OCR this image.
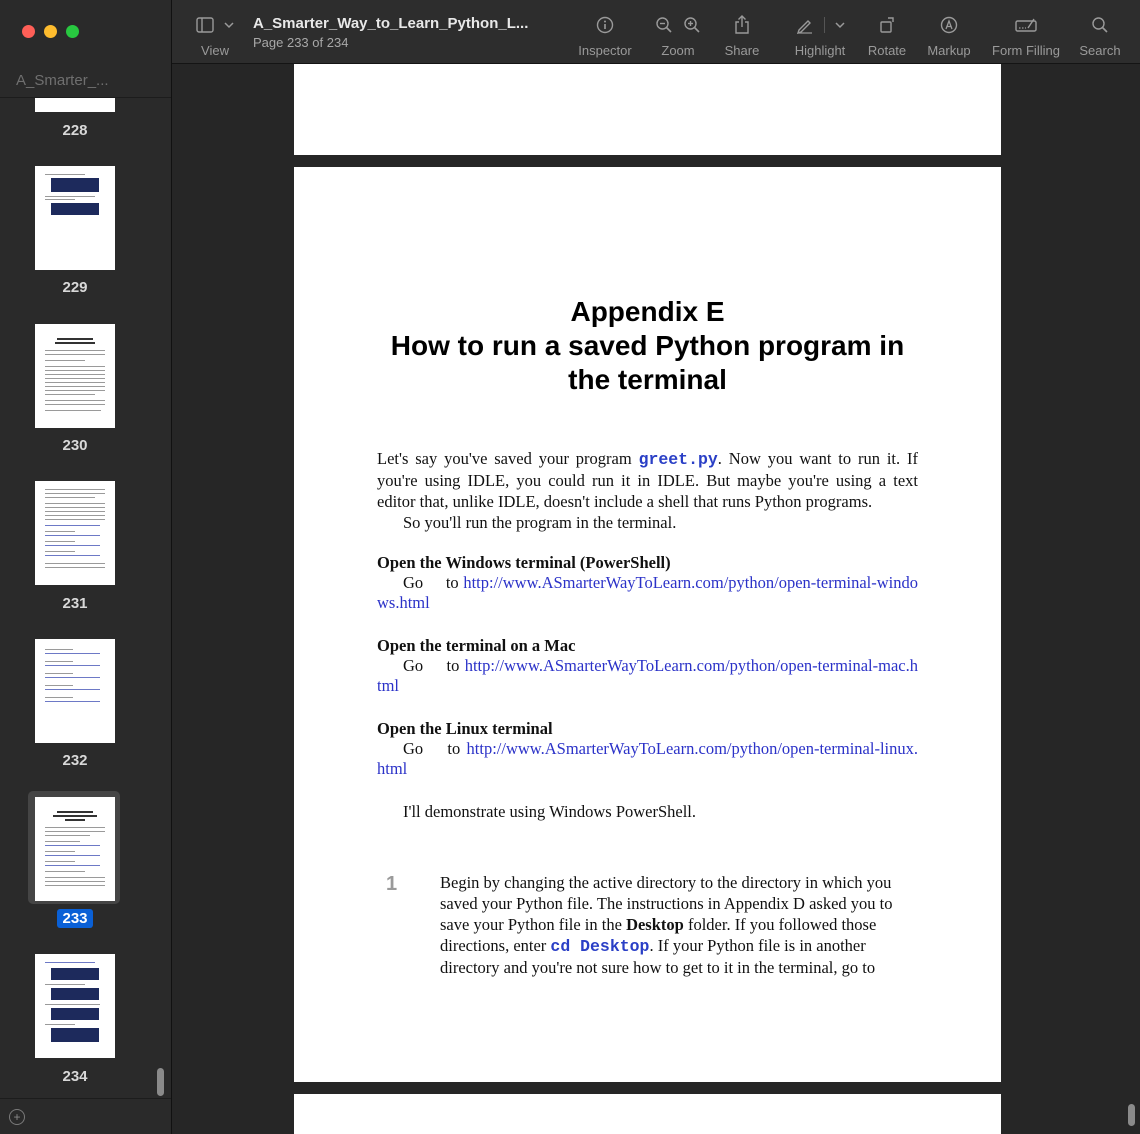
A_Smarter_...
228
229
230
231
232
233
234
+
View
A_Smarter_Way_to_Learn_Python_L...
Page 233 of 234
Inspector	Zoom	Share	Highlight	Rotate Markup	Form Filling	Search
Appendix E
How to run a saved Python program in
the terminal
Let's say you've saved your program greet.py. Now you want to run it. If you're using IDLE, you could run it in IDLE. But maybe you're using a text editor that, unlike IDLE, doesn't include a shell that runs Python programs.
So you'll run the program in the terminal.
Open the Windows terminal (PowerShell)
Go to http://www.ASmarterWayToLearn.com/python/open-terminal-windows.html
Open the terminal on a Mac
Go to http://www.ASmarterWayToLearn.com/python/open-terminal-mac.html
Open the Linux terminal
Go to http://www.ASmarterWayToLearn.com/python/open-terminal-linux.html
I'll demonstrate using Windows PowerShell.
1	Begin by changing the active directory to the directory in which you saved your Python file. The instructions in Appendix D asked you to save your Python file in the Desktop folder. If you followed those directions, enter cd Desktop. If your Python file is in another directory and you're not sure how to get to it in the terminal, go to
